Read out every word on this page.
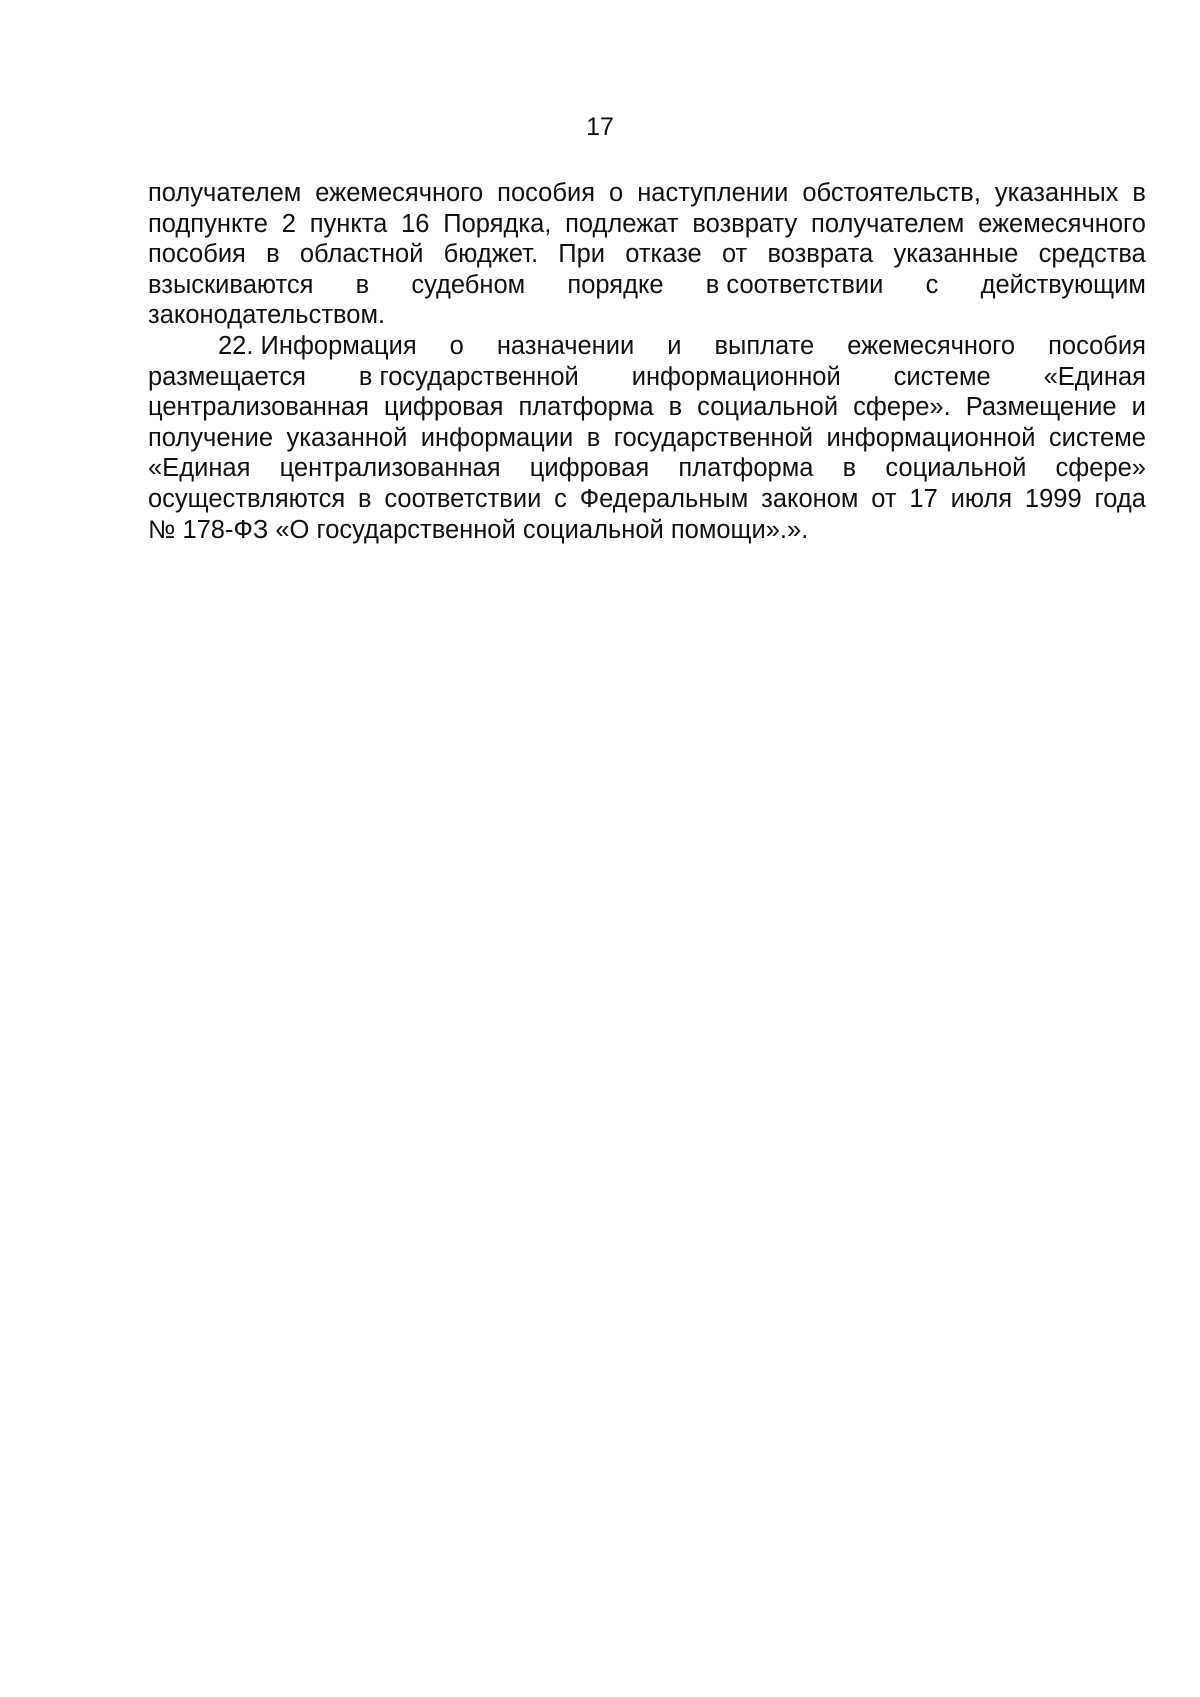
17
получателем ежемесячного пособия о наступлении обстоятельств, указанных в
подпункте 2 пункта 16 Порядка, подлежат возврату получателем ежемесячного
пособия в областной бюджет. При отказе от возврата указанные средства
взыскиваются в судебном порядке в соответствии с действующим
законодательством.
22. Информация о назначении и выплате ежемесячного пособия
размещается в государственной информационной системе «Единая
централизованная цифровая платформа в социальной сфере». Размещение и
получение указанной информации в государственной информационной системе
«Единая централизованная цифровая платформа в социальной сфере»
осуществляются в соответствии с Федеральным законом от 17 июля 1999 года
№ 178-ФЗ «О государственной социальной помощи».».
